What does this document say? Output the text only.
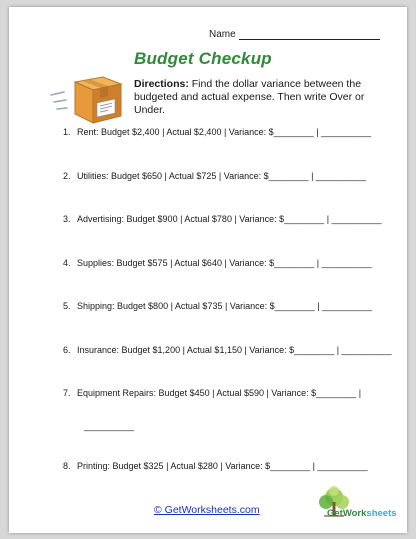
Name
Budget Checkup
Directions: Find the dollar variance between the budgeted and actual expense. Then write Over or Under.
1. Rent: Budget $2,400 | Actual $2,400 | Variance: $________ | __________
2. Utilities: Budget $650 | Actual $725 | Variance: $________ | __________
3. Advertising: Budget $900 | Actual $780 | Variance: $________ | __________
4. Supplies: Budget $575 | Actual $640 | Variance: $________ | __________
5. Shipping: Budget $800 | Actual $735 | Variance: $________ | __________
6. Insurance: Budget $1,200 | Actual $1,150 | Variance: $________ | __________
7. Equipment Repairs: Budget $450 | Actual $590 | Variance: $________ |
__________
8. Printing: Budget $325 | Actual $280 | Variance: $________ | __________
© GetWorksheets.com	GetWorksheets
